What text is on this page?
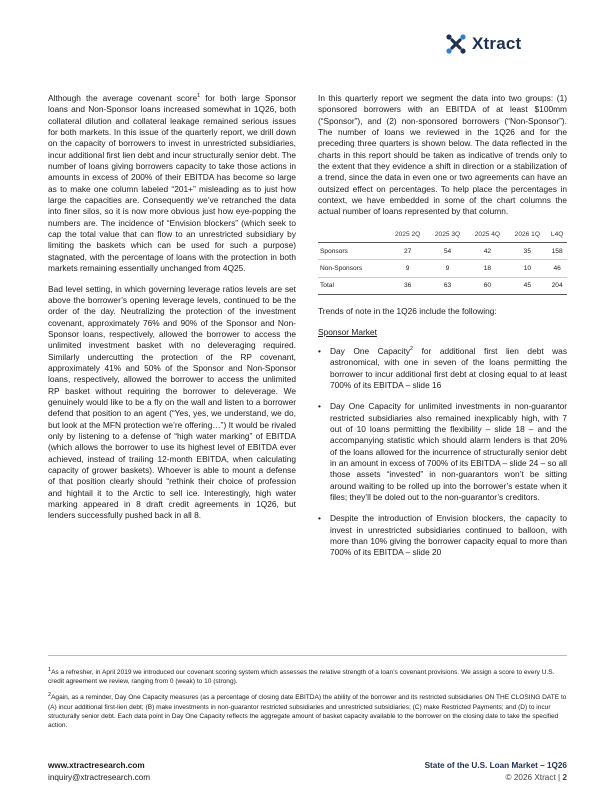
Xtract

Although the average covenant score$^1$ for both large Sponsor loans and Non-Sponsor loans increased somewhat in 1Q26, both collateral dilution and collateral leakage remained serious issues for both markets. In this issue of the quarterly report, we drill down on the capacity of borrowers to invest in unrestricted subsidiaries, incur additional first lien debt and incur structurally senior debt. The number of loans giving borrowers capacity to take those actions in amounts in excess of 200% of their EBITDA has become so large as to make one column labeled “201+” misleading as to just how large the capacities are. Consequently we’ve retranched the data into finer silos, so it is now more obvious just how eye-popping the numbers are. The incidence of “Envision blockers” (which seek to cap the total value that can flow to an unrestricted subsidiary by limiting the baskets which can be used for such a purpose) stagnated, with the percentage of loans with the protection in both markets remaining essentially unchanged from 4Q25.

Bad level setting, in which governing leverage ratios levels are set above the borrower’s opening leverage levels, continued to be the order of the day. Neutralizing the protection of the investment covenant, approximately 76% and 90% of the Sponsor and Non-Sponsor loans, respectively, allowed the borrower to access the unlimited investment basket with no deleveraging required. Similarly undercutting the protection of the RP covenant, approximately 41% and 50% of the Sponsor and Non-Sponsor loans, respectively, allowed the borrower to access the unlimited RP basket without requiring the borrower to deleverage. We genuinely would like to be a fly on the wall and listen to a borrower defend that position to an agent (“Yes, yes, we understand, we do, but look at the MFN protection we’re offering…”) It would be rivaled only by listening to a defense of “high water marking” of EBITDA (which allows the borrower to use its highest level of EBITDA ever achieved, instead of trailing 12-month EBITDA, when calculating capacity of grower baskets). Whoever is able to mount a defense of that position clearly should “rethink their choice of profession and hightail it to the Arctic to sell ice. Interestingly, high water marking appeared in 8 draft credit agreements in 1Q26, but lenders successfully pushed back in all 8.

In this quarterly report we segment the data into two groups: (1) sponsored borrowers with an EBITDA of at least $100mm (“Sponsor”), and (2) non-sponsored borrowers (“Non-Sponsor”). The number of loans we reviewed in the 1Q26 and for the preceding three quarters is shown below. The data reflected in the charts in this report should be taken as indicative of trends only to the extent that they evidence a shift in direction or a stabilization of a trend, since the data in even one or two agreements can have an outsized effect on percentages. To help place the percentages in context, we have embedded in some of the chart columns the actual number of loans represented by that column.

	2025 2Q	2025 3Q	2025 4Q	2026 1Q	L4Q
Sponsors	27	54	42	35	158
Non-Sponsors	9	9	18	10	46
Total	36	63	60	45	204

Trends of note in the 1Q26 include the following:

Sponsor Market
• Day One Capacity$^2$ for additional first lien debt was astronomical, with one in seven of the loans permitting the borrower to incur additional first debt at closing equal to at least 700% of its EBITDA – slide 16
• Day One Capacity for unlimited investments in non-guarantor restricted subsidiaries also remained inexplicably high, with 7 out of 10 loans permitting the flexibility – slide 18 – and the accompanying statistic which should alarm lenders is that 20% of the loans allowed for the incurrence of structurally senior debt in an amount in excess of 700% of its EBITDA – slide 24 – so all those assets “invested” in non-guarantors won’t be sitting around waiting to be rolled up into the borrower’s estate when it files; they’ll be doled out to the non-guarantor’s creditors.
• Despite the introduction of Envision blockers, the capacity to invest in unrestricted subsidiaries continued to balloon, with more than 10% giving the borrower capacity equal to more than 700% of its EBITDA – slide 20

$^1$As a refresher, in April 2019 we introduced our covenant scoring system which assesses the relative strength of a loan’s covenant provisions. We assign a score to every U.S. credit agreement we review, ranging from 0 (weak) to 10 (strong).

$^2$Again, as a reminder, Day One Capacity measures (as a percentage of closing date EBITDA) the ability of the borrower and its restricted subsidiaries ON THE CLOSING DATE to (A) incur additional first-lien debt; (B) make investments in non-guarantor restricted subsidiaries and unrestricted subsidiaries; (C) make Restricted Payments; and (D) to incur structurally senior debt. Each data point in Day One Capacity reflects the aggregate amount of basket capacity available to the borrower on the closing date to take the specified action.

www.xtractresearch.com
inquiry@xtractresearch.com
State of the U.S. Loan Market – 1Q26
© 2026 Xtract | 2
